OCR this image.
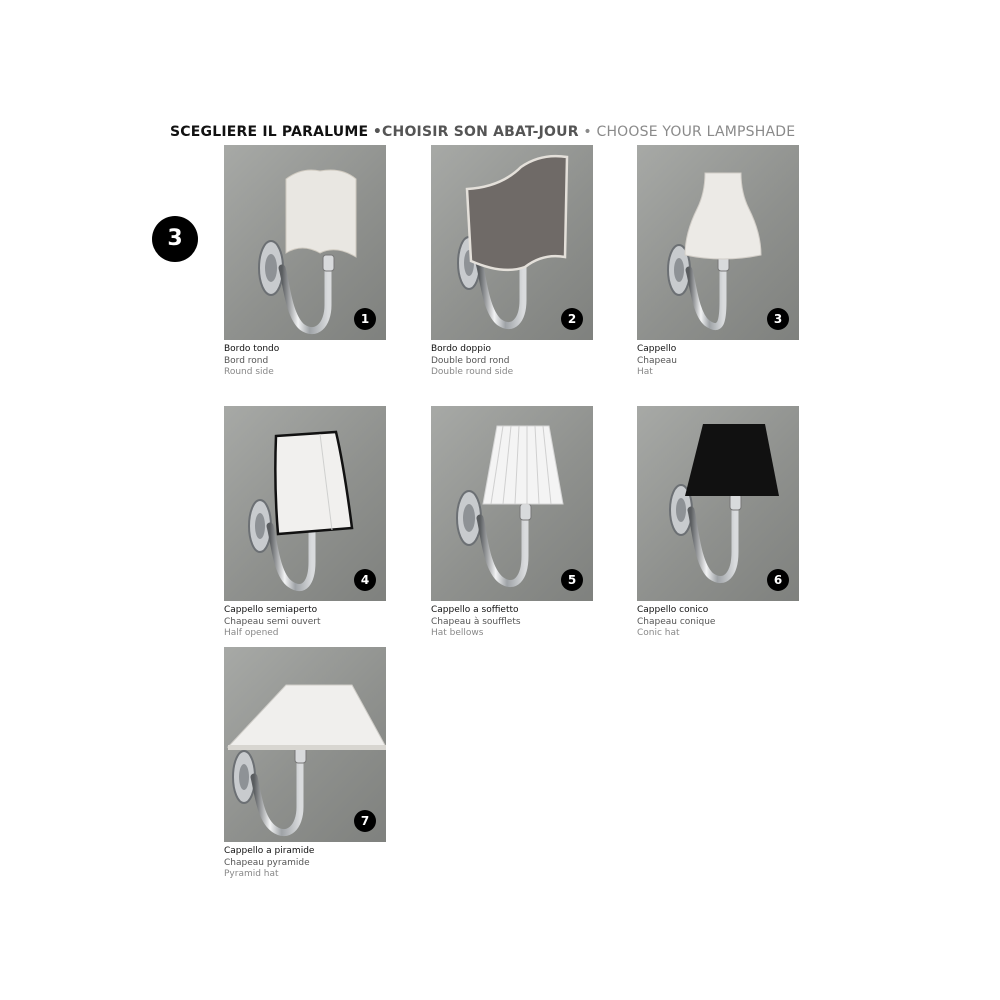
SCEGLIERE IL PARALUME •CHOISIR SON ABAT-JOUR • CHOOSE YOUR LAMPSHADE
3
1
Bordo tondo
Bord rond
Round side
2
Bordo doppio
Double bord rond
Double round side
3
Cappello
Chapeau
Hat
4
Cappello semiaperto
Chapeau semi ouvert
Half opened
5
Cappello a soffietto
Chapeau à soufflets
Hat bellows
6
Cappello conico
Chapeau conique
Conic hat
7
Cappello a piramide
Chapeau pyramide
Pyramid hat
